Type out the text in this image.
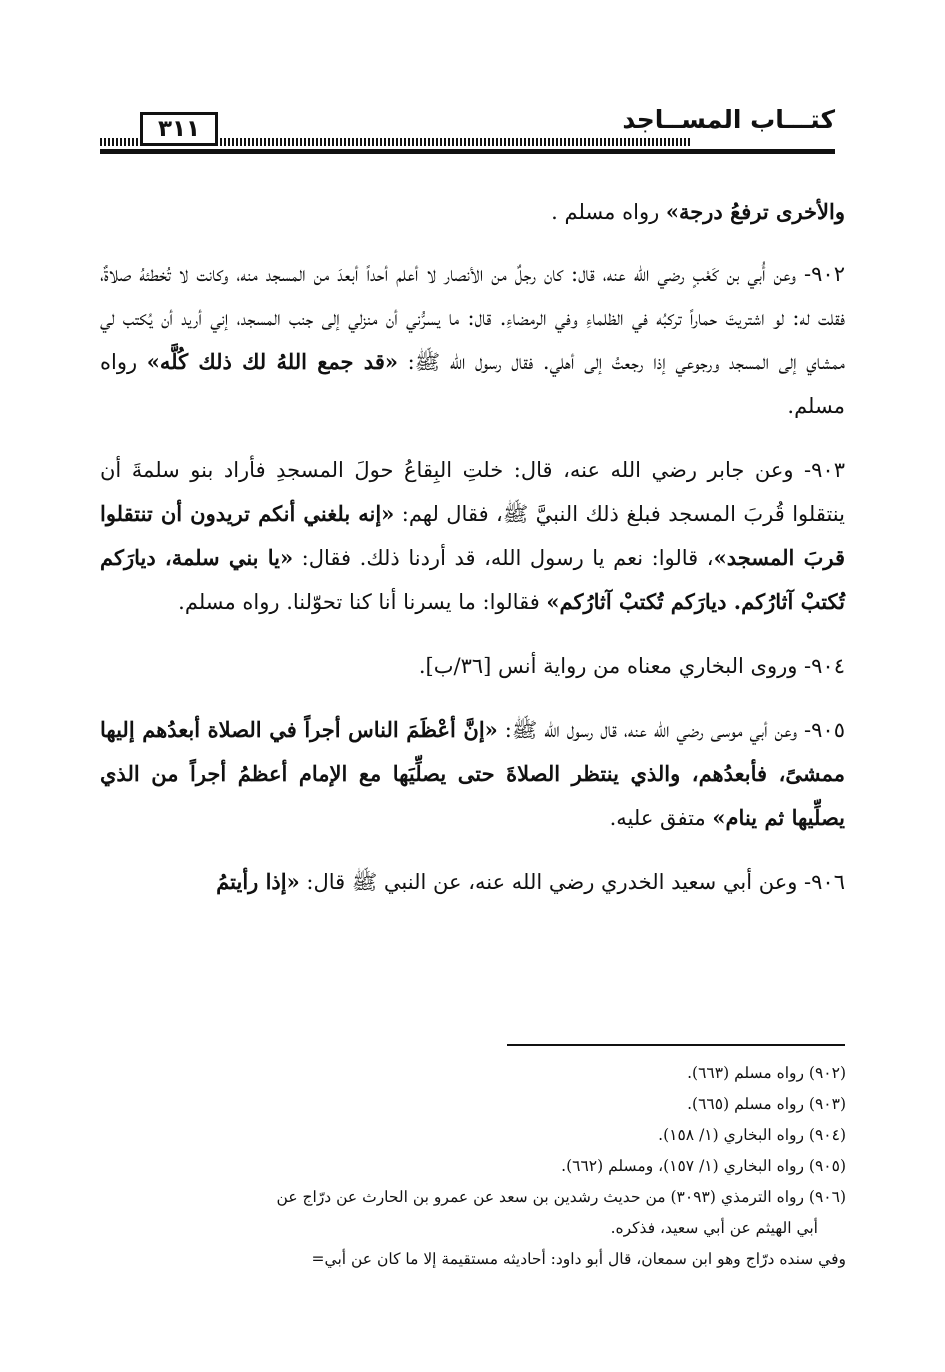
كتـــاب المســاجد
٣١١

والأخرى ترفعُ درجة» رواه مسلم .

٩٠٢- وعن أُبي بن كَعْبٍ رضي الله عنه، قال: كان رجلٌ من الأنصار لا أعلم أحداً أبعدَ من المسجد منه، وكانت لا تُخطئهُ صلاةٌ، فقلت له: لو اشتريتَ حماراً تركبُه في الظلماءِ وفي الرمضاءِ. قال: ما يسرُّني أن منزلي إلى جنب المسجد، إني أريد أن يُكتب لي ممشاي إلى المسجد ورجوعي إذا رجعتُ إلى أهلي. فقال رسول الله ﷺ: «قد جمع اللهُ لك ذلك كُلَّه» رواه مسلم.

٩٠٣- وعن جابر رضي الله عنه، قال: خلتِ البِقاعُ حولَ المسجدِ فأراد بنو سلمةَ أن ينتقلوا قُربَ المسجد فبلغ ذلك النبيَّ ﷺ، فقال لهم: «إنه بلغني أنكم تريدون أن تنتقلوا قربَ المسجد»، قالوا: نعم يا رسول الله، قد أردنا ذلك. فقال: «يا بني سلمة، ديارَكم تُكتبْ آثارُكم. ديارَكم تُكتبْ آثارُكم» فقالوا: ما يسرنا أنا كنا تحوّلنا. رواه مسلم.

٩٠٤- وروى البخاري معناه من رواية أنس [٣٦/ب].

٩٠٥- وعن أبي موسى رضي الله عنه، قال رسول الله ﷺ: «إنَّ أعْظَمَ الناس أجراً في الصلاة أبعدُهم إليها ممشىً، فأبعدُهم، والذي ينتظر الصلاةَ حتى يصلِّيَها مع الإمام أعظمُ أجراً من الذي يصلِّيها ثم ينام» متفق عليه.

٩٠٦- وعن أبي سعيد الخدري رضي الله عنه، عن النبي ﷺ قال: «إذا رأيتمُ

(٩٠٢) رواه مسلم (٦٦٣).

(٩٠٣) رواه مسلم (٦٦٥).

(٩٠٤) رواه البخاري (١/ ١٥٨).

(٩٠٥) رواه البخاري (١/ ١٥٧)، ومسلم (٦٦٢).

(٩٠٦) رواه الترمذي (٣٠٩٣) من حديث رشدين بن سعد عن عمرو بن الحارث عن درّاج عن

أبي الهيثم عن أبي سعيد، فذكره.

وفي سنده درّاج وهو ابن سمعان، قال أبو داود: أحاديثه مستقيمة إلا ما كان عن أبي=
